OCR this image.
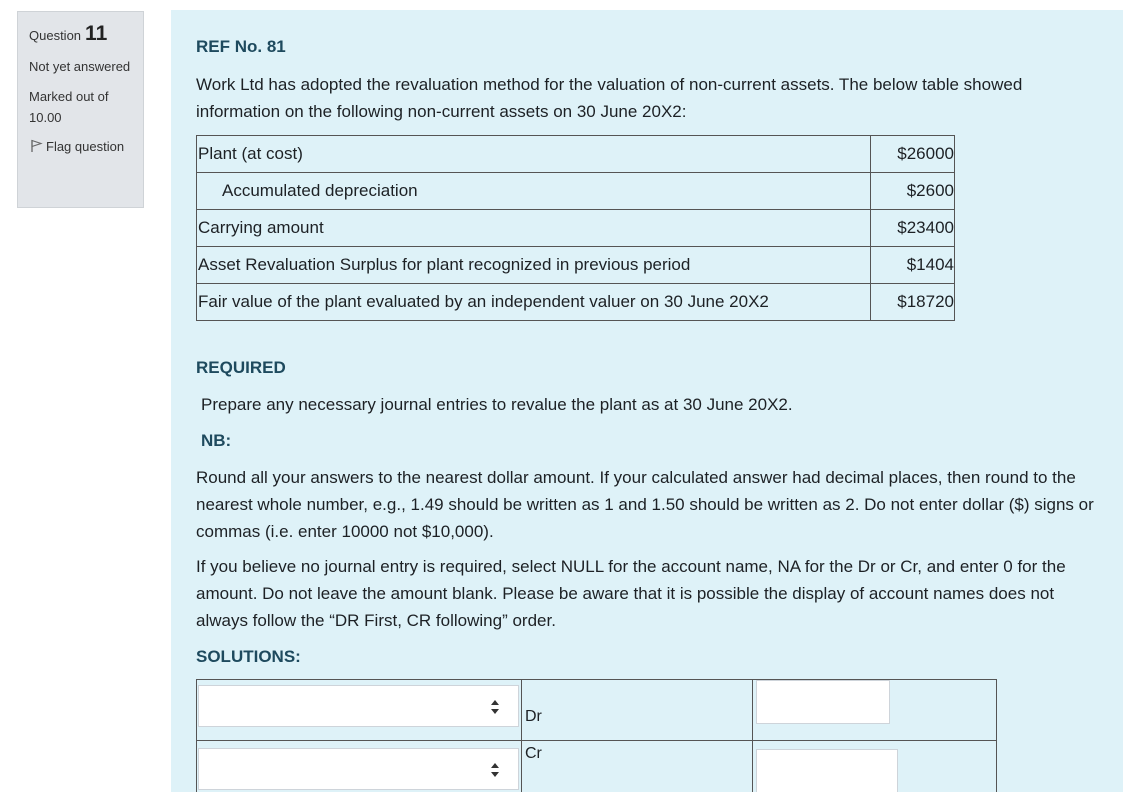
Question 11
Not yet answered
Marked out of 10.00
Flag question
REF No. 81
Work Ltd has adopted the revaluation method for the valuation of non-current assets. The below table showed information on the following non-current assets on 30 June 20X2:
Plant (at cost)	$26000
Accumulated depreciation	$2600
Carrying amount	$23400
Asset Revaluation Surplus for plant recognized in previous period	$1404
Fair value of the plant evaluated by an independent valuer on 30 June 20X2	$18720
REQUIRED
Prepare any necessary journal entries to revalue the plant as at 30 June 20X2.
NB:
Round all your answers to the nearest dollar amount. If your calculated answer had decimal places, then round to the nearest whole number, e.g., 1.49 should be written as 1 and 1.50 should be written as 2. Do not enter dollar ($) signs or commas (i.e. enter 10000 not $10,000).
If you believe no journal entry is required, select NULL for the account name, NA for the Dr or Cr, and enter 0 for the amount. Do not leave the amount blank. Please be aware that it is possible the display of account names does not always follow the “DR First, CR following” order.
SOLUTIONS:
Dr
Cr
